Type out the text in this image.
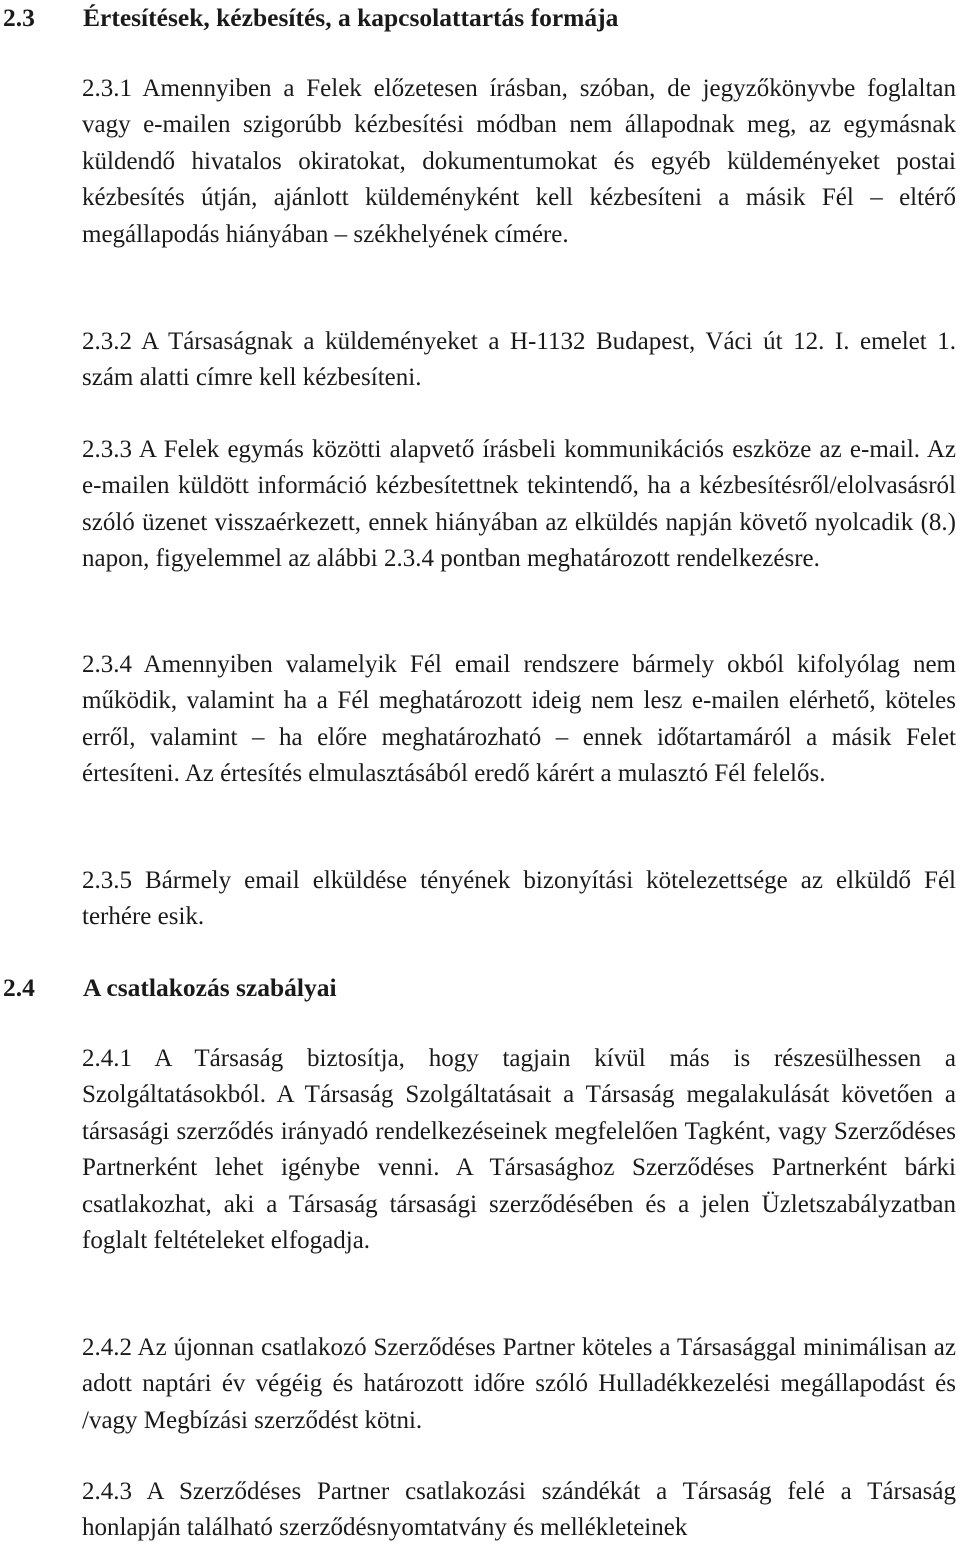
2.3 Értesítések, kézbesítés, a kapcsolattartás formája

2.3.1 Amennyiben a Felek előzetesen írásban, szóban, de jegyzőkönyvbe foglaltan vagy e-mailen szigorúbb kézbesítési módban nem állapodnak meg, az egymásnak küldendő hivatalos okiratokat, dokumentumokat és egyéb küldeményeket postai kézbesítés útján, ajánlott küldeményként kell kézbesíteni a másik Fél – eltérő megállapodás hiányában – székhelyének címére.

2.3.2 A Társaságnak a küldeményeket a H-1132 Budapest, Váci út 12. I. emelet 1. szám alatti címre kell kézbesíteni.

2.3.3 A Felek egymás közötti alapvető írásbeli kommunikációs eszköze az e-mail. Az e-mailen küldött információ kézbesítettnek tekintendő, ha a kézbesítésről/elolvasásról szóló üzenet visszaérkezett, ennek hiányában az elküldés napján követő nyolcadik (8.) napon, figyelemmel az alábbi 2.3.4 pontban meghatározott rendelkezésre.

2.3.4 Amennyiben valamelyik Fél email rendszere bármely okból kifolyólag nem működik, valamint ha a Fél meghatározott ideig nem lesz e-mailen elérhető, köteles erről, valamint – ha előre meghatározható – ennek időtartamáról a másik Felet értesíteni. Az értesítés elmulasztásából eredő kárért a mulasztó Fél felelős.

2.3.5 Bármely email elküldése tényének bizonyítási kötelezettsége az elküldő Fél terhére esik.

2.4 A csatlakozás szabályai

2.4.1 A Társaság biztosítja, hogy tagjain kívül más is részesülhessen a Szolgáltatásokból. A Társaság Szolgáltatásait a Társaság megalakulását követően a társasági szerződés irányadó rendelkezéseinek megfelelően Tagként, vagy Szerződéses Partnerként lehet igénybe venni. A Társasághoz Szerződéses Partnerként bárki csatlakozhat, aki a Társaság társasági szerződésében és a jelen Üzletszabályzatban foglalt feltételeket elfogadja.

2.4.2 Az újonnan csatlakozó Szerződéses Partner köteles a Társasággal minimálisan az adott naptári év végéig és határozott időre szóló Hulladékkezelési megállapodást és /vagy Megbízási szerződést kötni.

2.4.3 A Szerződéses Partner csatlakozási szándékát a Társaság felé a Társaság honlapján található szerződésnyomtatvány és mellékleteinek
